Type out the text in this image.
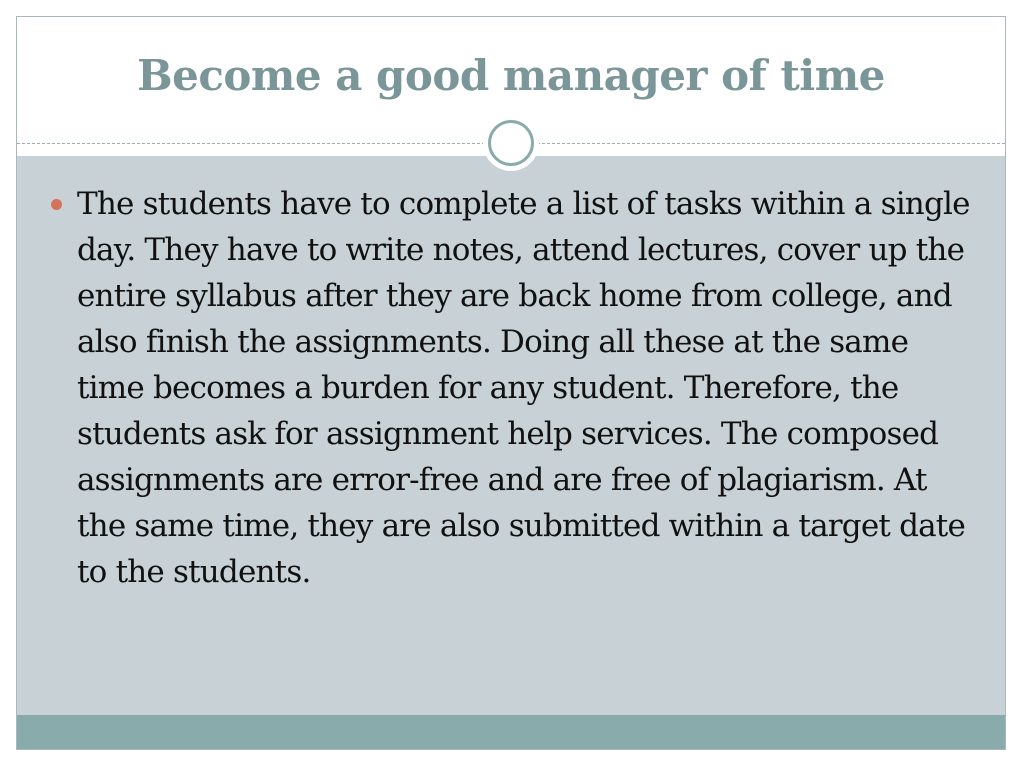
Become a good manager of time
The students have to complete a list of tasks within a single day. They have to write notes, attend lectures, cover up the entire syllabus after they are back home from college, and also finish the assignments. Doing all these at the same time becomes a burden for any student. Therefore, the students ask for assignment help services. The composed assignments are error-free and are free of plagiarism. At the same time, they are also submitted within a target date to the students.
